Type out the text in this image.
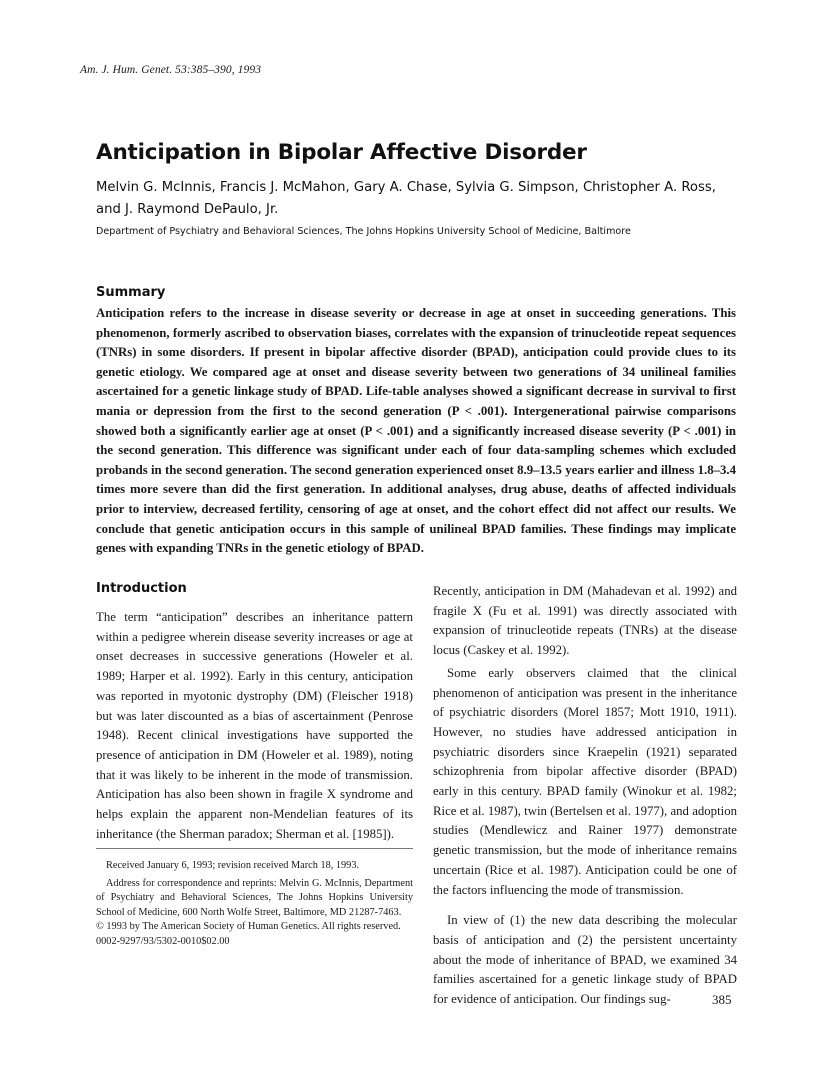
Am. J. Hum. Genet. 53:385–390, 1993
Anticipation in Bipolar Affective Disorder
Melvin G. McInnis, Francis J. McMahon, Gary A. Chase, Sylvia G. Simpson, Christopher A. Ross, and J. Raymond DePaulo, Jr.
Department of Psychiatry and Behavioral Sciences, The Johns Hopkins University School of Medicine, Baltimore
Summary

Anticipation refers to the increase in disease severity or decrease in age at onset in succeeding generations. This phenomenon, formerly ascribed to observation biases, correlates with the expansion of trinucleotide repeat sequences (TNRs) in some disorders. If present in bipolar affective disorder (BPAD), anticipation could provide clues to its genetic etiology. We compared age at onset and disease severity between two generations of 34 unilineal families ascertained for a genetic linkage study of BPAD. Life-table analyses showed a significant decrease in survival to first mania or depression from the first to the second generation (P < .001). Intergenerational pairwise comparisons showed both a significantly earlier age at onset (P < .001) and a significantly increased disease severity (P < .001) in the second generation. This difference was significant under each of four data-sampling schemes which excluded probands in the second generation. The second generation experienced onset 8.9–13.5 years earlier and illness 1.8–3.4 times more severe than did the first generation. In additional analyses, drug abuse, deaths of affected individuals prior to interview, decreased fertility, censoring of age at onset, and the cohort effect did not affect our results. We conclude that genetic anticipation occurs in this sample of unilineal BPAD families. These findings may implicate genes with expanding TNRs in the genetic etiology of BPAD.

Introduction

The term “anticipation” describes an inheritance pattern within a pedigree wherein disease severity increases or age at onset decreases in successive generations (Howeler et al. 1989; Harper et al. 1992). Early in this century, anticipation was reported in myotonic dystrophy (DM) (Fleischer 1918) but was later discounted as a bias of ascertainment (Penrose 1948). Recent clinical investigations have supported the presence of anticipation in DM (Howeler et al. 1989), noting that it was likely to be inherent in the mode of transmission. Anticipation has also been shown in fragile X syndrome and helps explain the apparent non-Mendelian features of its inheritance (the Sherman paradox; Sherman et al. [1985]).

Recently, anticipation in DM (Mahadevan et al. 1992) and fragile X (Fu et al. 1991) was directly associated with expansion of trinucleotide repeats (TNRs) at the disease locus (Caskey et al. 1992).

Some early observers claimed that the clinical phenomenon of anticipation was present in the inheritance of psychiatric disorders (Morel 1857; Mott 1910, 1911). However, no studies have addressed anticipation in psychiatric disorders since Kraepelin (1921) separated schizophrenia from bipolar affective disorder (BPAD) early in this century. BPAD family (Winokur et al. 1982; Rice et al. 1987), twin (Bertelsen et al. 1977), and adoption studies (Mendlewicz and Rainer 1977) demonstrate genetic transmission, but the mode of inheritance remains uncertain (Rice et al. 1987). Anticipation could be one of the factors influencing the mode of transmission.

In view of (1) the new data describing the molecular basis of anticipation and (2) the persistent uncertainty about the mode of inheritance of BPAD, we examined 34 families ascertained for a genetic linkage study of BPAD for evidence of anticipation. Our findings sug-

Received January 6, 1993; revision received March 18, 1993.

Address for correspondence and reprints: Melvin G. McInnis, Department of Psychiatry and Behavioral Sciences, The Johns Hopkins University School of Medicine, 600 North Wolfe Street, Baltimore, MD 21287-7463.

© 1993 by The American Society of Human Genetics. All rights reserved.

0002-9297/93/5302-0010$02.00

385
